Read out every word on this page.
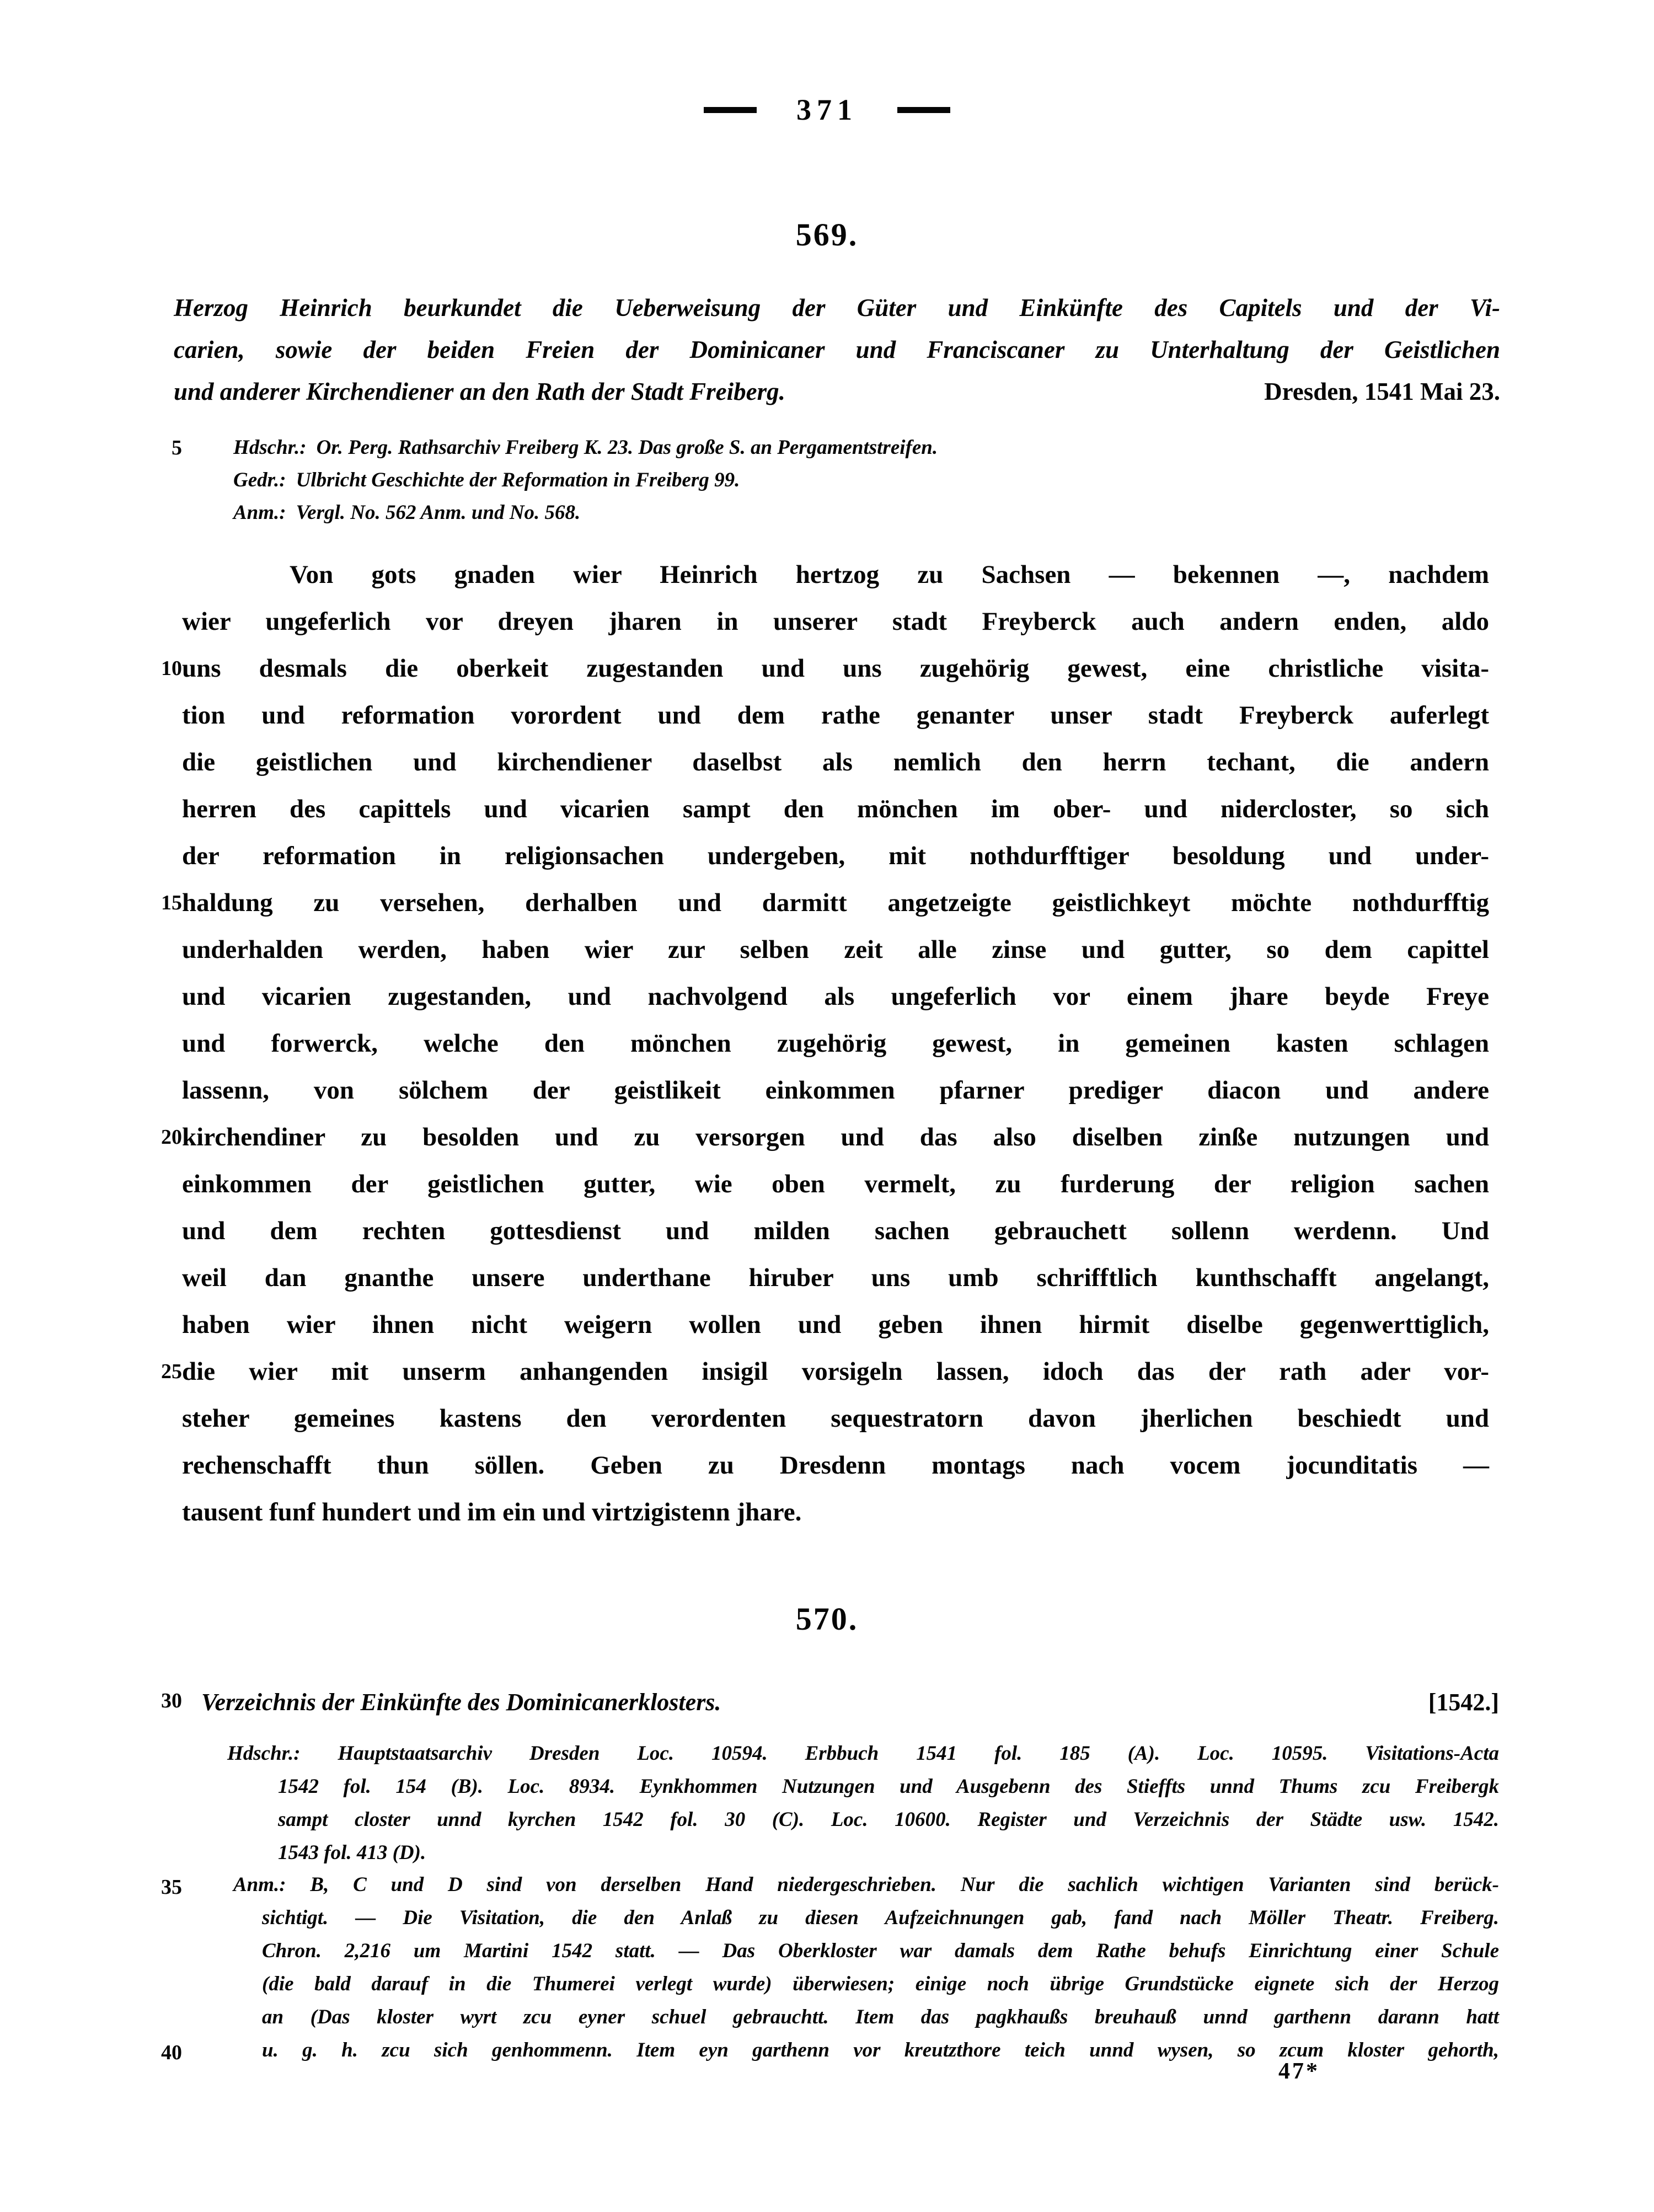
371
569.
Herzog Heinrich beurkundet die Ueberweisung der Güter und Einkünfte des Capitels und der Vi-
carien, sowie der beiden Freien der Dominicaner und Franciscaner zu Unterhaltung der Geistlichen
und anderer Kirchendiener an den Rath der Stadt Freiberg.	Dresden, 1541 Mai 23.
Hdschr.: Or. Perg. Rathsarchiv Freiberg K. 23. Das große S. an Pergamentstreifen.
Gedr.: Ulbricht Geschichte der Reformation in Freiberg 99.
Anm.: Vergl. No. 562 Anm. und No. 568.
Von gots gnaden wier Heinrich hertzog zu Sachsen — bekennen —, nachdem
wier ungeferlich vor dreyen jharen in unserer stadt Freyberck auch andern enden, aldo
uns desmals die oberkeit zugestanden und uns zugehörig gewest, eine christliche visita-
tion und reformation vorordent und dem rathe genanter unser stadt Freyberck auferlegt
die geistlichen und kirchendiener daselbst als nemlich den herrn techant, die andern
herren des capittels und vicarien sampt den mönchen im ober- und nidercloster, so sich
der reformation in religionsachen undergeben, mit nothdurfftiger besoldung und under-
haldung zu versehen, derhalben und darmitt angetzeigte geistlichkeyt möchte nothdurfftig
underhalden werden, haben wier zur selben zeit alle zinse und gutter, so dem capittel
und vicarien zugestanden, und nachvolgend als ungeferlich vor einem jhare beyde Freye
und forwerck, welche den mönchen zugehörig gewest, in gemeinen kasten schlagen
lassenn, von sölchem der geistlikeit einkommen pfarner prediger diacon und andere
kirchendiner zu besolden und zu versorgen und das also diselben zinße nutzungen und
einkommen der geistlichen gutter, wie oben vermelt, zu furderung der religion sachen
und dem rechten gottesdienst und milden sachen gebrauchett sollenn werdenn. Und
weil dan gnanthe unsere underthane hiruber uns umb schrifftlich kunthschafft angelangt,
haben wier ihnen nicht weigern wollen und geben ihnen hirmit diselbe gegenwerttiglich,
die wier mit unserm anhangenden insigil vorsigeln lassen, idoch das der rath ader vor-
steher gemeines kastens den verordenten sequestratorn davon jherlichen beschiedt und
rechenschafft thun söllen. Geben zu Dresdenn montags nach vocem jocunditatis —
tausent funf hundert und im ein und virtzigistenn jhare.
570.
Verzeichnis der Einkünfte des Dominicanerklosters.	[1542.]
Hdschr.: Hauptstaatsarchiv Dresden Loc. 10594. Erbbuch 1541 fol. 185 (A). Loc. 10595. Visitations-Acta
1542 fol. 154 (B). Loc. 8934. Eynkhommen Nutzungen und Ausgebenn des Stieffts unnd Thums zcu Freibergk
sampt closter unnd kyrchen 1542 fol. 30 (C). Loc. 10600. Register und Verzeichnis der Städte usw. 1542.
1543 fol. 413 (D).
Anm.: B, C und D sind von derselben Hand niedergeschrieben. Nur die sachlich wichtigen Varianten sind berück-
sichtigt. — Die Visitation, die den Anlaß zu diesen Aufzeichnungen gab, fand nach Möller Theatr. Freiberg.
Chron. 2,216 um Martini 1542 statt. — Das Oberkloster war damals dem Rathe behufs Einrichtung einer Schule
(die bald darauf in die Thumerei verlegt wurde) überwiesen; einige noch übrige Grundstücke eignete sich der Herzog
an (Das kloster wyrt zcu eyner schuel gebrauchtt. Item das pagkhaußs breuhauß unnd garthenn darann hatt
u. g. h. zcu sich genhommenn. Item eyn garthenn vor kreutzthore teich unnd wysen, so zcum kloster gehorth,
5
10
15
20
25
30
35
40
47*
